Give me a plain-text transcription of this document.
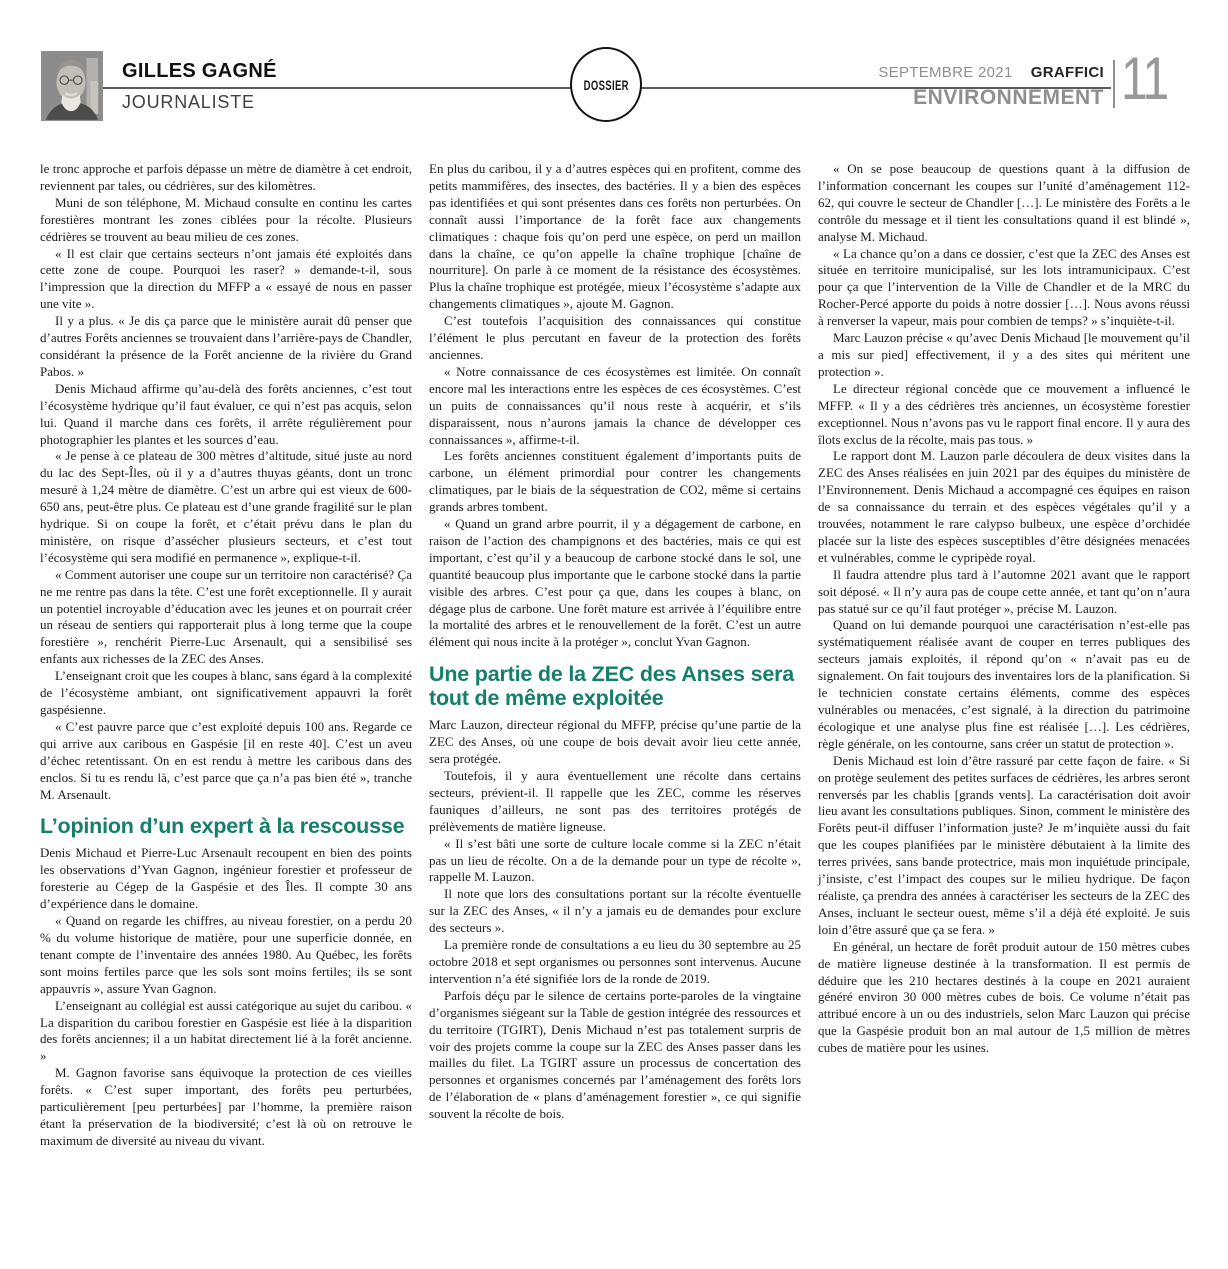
GILLES GAGNÉ
JOURNALISTE
DOSSIER
SEPTEMBRE 2021 GRAFFICI
ENVIRONNEMENT 11

le tronc approche et parfois dépasse un mètre de diamètre à cet endroit, reviennent par tales, ou cédrières, sur des kilomètres.

Muni de son téléphone, M. Michaud consulte en continu les cartes forestières montrant les zones ciblées pour la récolte. Plusieurs cédrières se trouvent au beau milieu de ces zones.

« Il est clair que certains secteurs n’ont jamais été exploités dans cette zone de coupe. Pourquoi les raser? » demande-t-il, sous l’impression que la direction du MFFP a « essayé de nous en passer une vite ».

Il y a plus. « Je dis ça parce que le ministère aurait dû penser que d’autres Forêts anciennes se trouvaient dans l’arrière-pays de Chandler, considérant la présence de la Forêt ancienne de la rivière du Grand Pabos. »

Denis Michaud affirme qu’au-delà des forêts anciennes, c’est tout l’écosystème hydrique qu’il faut évaluer, ce qui n’est pas acquis, selon lui. Quand il marche dans ces forêts, il arrête régulièrement pour photographier les plantes et les sources d’eau.

« Je pense à ce plateau de 300 mètres d’altitude, situé juste au nord du lac des Sept-Îles, où il y a d’autres thuyas géants, dont un tronc mesuré à 1,24 mètre de diamètre. C’est un arbre qui est vieux de 600-650 ans, peut-être plus. Ce plateau est d’une grande fragilité sur le plan hydrique. Si on coupe la forêt, et c’était prévu dans le plan du ministère, on risque d’assécher plusieurs secteurs, et c’est tout l’écosystème qui sera modifié en permanence », explique-t-il.

« Comment autoriser une coupe sur un territoire non caractérisé? Ça ne me rentre pas dans la tête. C’est une forêt exceptionnelle. Il y aurait un potentiel incroyable d’éducation avec les jeunes et on pourrait créer un réseau de sentiers qui rapporterait plus à long terme que la coupe forestière », renchérit Pierre-Luc Arsenault, qui a sensibilisé ses enfants aux richesses de la ZEC des Anses.

L’enseignant croit que les coupes à blanc, sans égard à la complexité de l’écosystème ambiant, ont significativement appauvri la forêt gaspésienne.

« C’est pauvre parce que c’est exploité depuis 100 ans. Regarde ce qui arrive aux caribous en Gaspésie [il en reste 40]. C’est un aveu d’échec retentissant. On en est rendu à mettre les caribous dans des enclos. Si tu es rendu là, c’est parce que ça n’a pas bien été », tranche M. Arsenault.

L’opinion d’un expert à la rescousse

Denis Michaud et Pierre-Luc Arsenault recoupent en bien des points les observations d’Yvan Gagnon, ingénieur forestier et professeur de foresterie au Cégep de la Gaspésie et des Îles. Il compte 30 ans d’expérience dans le domaine.

« Quand on regarde les chiffres, au niveau forestier, on a perdu 20 % du volume historique de matière, pour une superficie donnée, en tenant compte de l’inventaire des années 1980. Au Québec, les forêts sont moins fertiles parce que les sols sont moins fertiles; ils se sont appauvris », assure Yvan Gagnon.

L’enseignant au collégial est aussi catégorique au sujet du caribou. « La disparition du caribou forestier en Gaspésie est liée à la disparition des forêts anciennes; il a un habitat directement lié à la forêt ancienne. »

M. Gagnon favorise sans équivoque la protection de ces vieilles forêts. « C’est super important, des forêts peu perturbées, particulièrement [peu perturbées] par l’homme, la première raison étant la préservation de la biodiversité; c’est là où on retrouve le maximum de diversité au niveau du vivant.

En plus du caribou, il y a d’autres espèces qui en profitent, comme des petits mammifères, des insectes, des bactéries. Il y a bien des espèces pas identifiées et qui sont présentes dans ces forêts non perturbées. On connaît aussi l’importance de la forêt face aux changements climatiques : chaque fois qu’on perd une espèce, on perd un maillon dans la chaîne, ce qu’on appelle la chaîne trophique [chaîne de nourriture]. On parle à ce moment de la résistance des écosystèmes. Plus la chaîne trophique est protégée, mieux l’écosystème s’adapte aux changements climatiques », ajoute M. Gagnon.

C’est toutefois l’acquisition des connaissances qui constitue l’élément le plus percutant en faveur de la protection des forêts anciennes.

« Notre connaissance de ces écosystèmes est limitée. On connaît encore mal les interactions entre les espèces de ces écosystèmes. C’est un puits de connaissances qu’il nous reste à acquérir, et s’ils disparaissent, nous n’aurons jamais la chance de développer ces connaissances », affirme-t-il.

Les forêts anciennes constituent également d’importants puits de carbone, un élément primordial pour contrer les changements climatiques, par le biais de la séquestration de CO2, même si certains grands arbres tombent.

« Quand un grand arbre pourrit, il y a dégagement de carbone, en raison de l’action des champignons et des bactéries, mais ce qui est important, c’est qu’il y a beaucoup de carbone stocké dans le sol, une quantité beaucoup plus importante que le carbone stocké dans la partie visible des arbres. C’est pour ça que, dans les coupes à blanc, on dégage plus de carbone. Une forêt mature est arrivée à l’équilibre entre la mortalité des arbres et le renouvellement de la forêt. C’est un autre élément qui nous incite à la protéger », conclut Yvan Gagnon.

Une partie de la ZEC des Anses sera tout de même exploitée

Marc Lauzon, directeur régional du MFFP, précise qu’une partie de la ZEC des Anses, où une coupe de bois devait avoir lieu cette année, sera protégée.

Toutefois, il y aura éventuellement une récolte dans certains secteurs, prévient-il. Il rappelle que les ZEC, comme les réserves fauniques d’ailleurs, ne sont pas des territoires protégés de prélèvements de matière ligneuse.

« Il s’est bâti une sorte de culture locale comme si la ZEC n’était pas un lieu de récolte. On a de la demande pour un type de récolte », rappelle M. Lauzon.

Il note que lors des consultations portant sur la récolte éventuelle sur la ZEC des Anses, « il n’y a jamais eu de demandes pour exclure des secteurs ».

La première ronde de consultations a eu lieu du 30 septembre au 25 octobre 2018 et sept organismes ou personnes sont intervenus. Aucune intervention n’a été signifiée lors de la ronde de 2019.

Parfois déçu par le silence de certains porte-paroles de la vingtaine d’organismes siégeant sur la Table de gestion intégrée des ressources et du territoire (TGIRT), Denis Michaud n’est pas totalement surpris de voir des projets comme la coupe sur la ZEC des Anses passer dans les mailles du filet. La TGIRT assure un processus de concertation des personnes et organismes concernés par l’aménagement des forêts lors de l’élaboration de « plans d’aménagement forestier », ce qui signifie souvent la récolte de bois.

« On se pose beaucoup de questions quant à la diffusion de l’information concernant les coupes sur l’unité d’aménagement 112-62, qui couvre le secteur de Chandler […]. Le ministère des Forêts a le contrôle du message et il tient les consultations quand il est blindé », analyse M. Michaud.

« La chance qu’on a dans ce dossier, c’est que la ZEC des Anses est située en territoire municipalisé, sur les lots intramunicipaux. C’est pour ça que l’intervention de la Ville de Chandler et de la MRC du Rocher-Percé apporte du poids à notre dossier […]. Nous avons réussi à renverser la vapeur, mais pour combien de temps? » s’inquiète-t-il.

Marc Lauzon précise « qu’avec Denis Michaud [le mouvement qu’il a mis sur pied] effectivement, il y a des sites qui méritent une protection ».

Le directeur régional concède que ce mouvement a influencé le MFFP. « Il y a des cédrières très anciennes, un écosystème forestier exceptionnel. Nous n’avons pas vu le rapport final encore. Il y aura des îlots exclus de la récolte, mais pas tous. »

Le rapport dont M. Lauzon parle découlera de deux visites dans la ZEC des Anses réalisées en juin 2021 par des équipes du ministère de l’Environnement. Denis Michaud a accompagné ces équipes en raison de sa connaissance du terrain et des espèces végétales qu’il y a trouvées, notamment le rare calypso bulbeux, une espèce d’orchidée placée sur la liste des espèces susceptibles d’être désignées menacées et vulnérables, comme le cypripède royal.

Il faudra attendre plus tard à l’automne 2021 avant que le rapport soit déposé. « Il n’y aura pas de coupe cette année, et tant qu’on n’aura pas statué sur ce qu’il faut protéger », précise M. Lauzon.

Quand on lui demande pourquoi une caractérisation n’est-elle pas systématiquement réalisée avant de couper en terres publiques des secteurs jamais exploités, il répond qu’on « n’avait pas eu de signalement. On fait toujours des inventaires lors de la planification. Si le technicien constate certains éléments, comme des espèces vulnérables ou menacées, c’est signalé, à la direction du patrimoine écologique et une analyse plus fine est réalisée […]. Les cédrières, règle générale, on les contourne, sans créer un statut de protection ».

Denis Michaud est loin d’être rassuré par cette façon de faire. « Si on protège seulement des petites surfaces de cédrières, les arbres seront renversés par les chablis [grands vents]. La caractérisation doit avoir lieu avant les consultations publiques. Sinon, comment le ministère des Forêts peut-il diffuser l’information juste? Je m’inquiète aussi du fait que les coupes planifiées par le ministère débutaient à la limite des terres privées, sans bande protectrice, mais mon inquiétude principale, j’insiste, c’est l’impact des coupes sur le milieu hydrique. De façon réaliste, ça prendra des années à caractériser les secteurs de la ZEC des Anses, incluant le secteur ouest, même s’il a déjà été exploité. Je suis loin d’être assuré que ça se fera. »

En général, un hectare de forêt produit autour de 150 mètres cubes de matière ligneuse destinée à la transformation. Il est permis de déduire que les 210 hectares destinés à la coupe en 2021 auraient généré environ 30 000 mètres cubes de bois. Ce volume n’était pas attribué encore à un ou des industriels, selon Marc Lauzon qui précise que la Gaspésie produit bon an mal autour de 1,5 million de mètres cubes de matière pour les usines.
